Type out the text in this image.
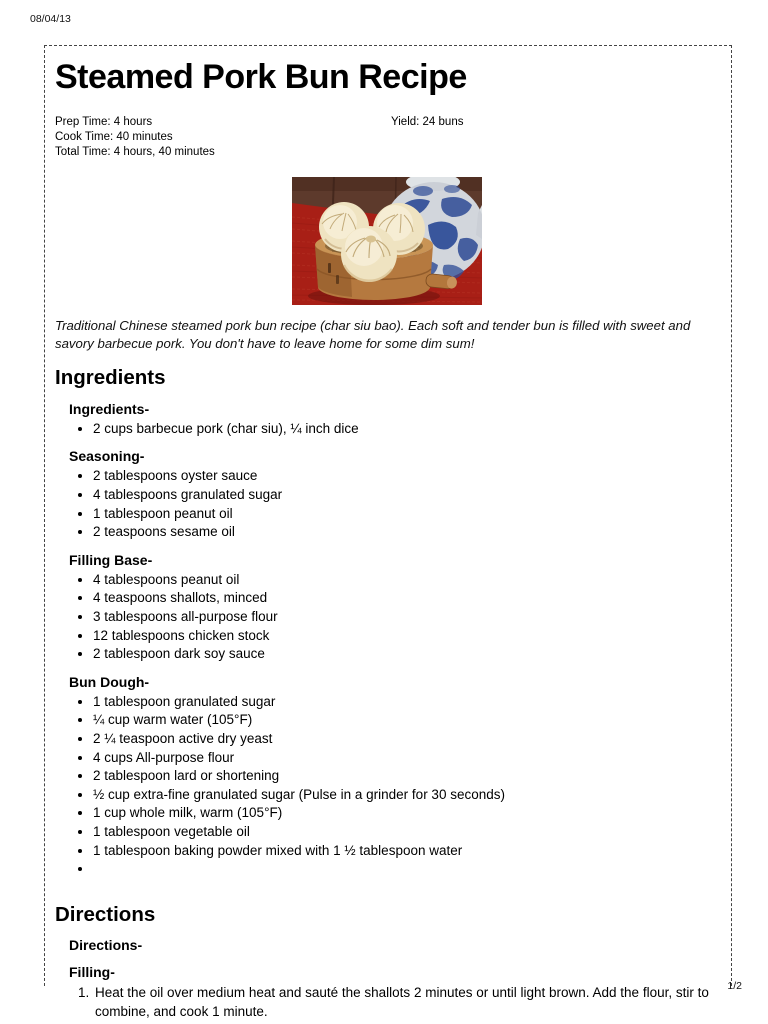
08/04/13
Steamed Pork Bun Recipe
Prep Time: 4 hours
Cook Time: 40 minutes
Total Time: 4 hours, 40 minutes
Yield: 24 buns

Traditional Chinese steamed pork bun recipe (char siu bao). Each soft and tender bun is filled with sweet and savory barbecue pork. You don't have to leave home for some dim sum!

Ingredients
Ingredients-
• 2 cups barbecue pork (char siu), ¼ inch dice
Seasoning-
• 2 tablespoons oyster sauce
• 4 tablespoons granulated sugar
• 1 tablespoon peanut oil
• 2 teaspoons sesame oil
Filling Base-
• 4 tablespoons peanut oil
• 4 teaspoons shallots, minced
• 3 tablespoons all-purpose flour
• 12 tablespoons chicken stock
• 2 tablespoon dark soy sauce
Bun Dough-
• 1 tablespoon granulated sugar
• ¼ cup warm water (105°F)
• 2 ¼ teaspoon active dry yeast
• 4 cups All-purpose flour
• 2 tablespoon lard or shortening
• ½ cup extra-fine granulated sugar (Pulse in a grinder for 30 seconds)
• 1 cup whole milk, warm (105°F)
• 1 tablespoon vegetable oil
• 1 tablespoon baking powder mixed with 1 ½ tablespoon water
•
Directions
Directions-
Filling-
1. Heat the oil over medium heat and sauté the shallots 2 minutes or until light brown. Add the flour, stir to combine, and cook 1 minute.
1/2
